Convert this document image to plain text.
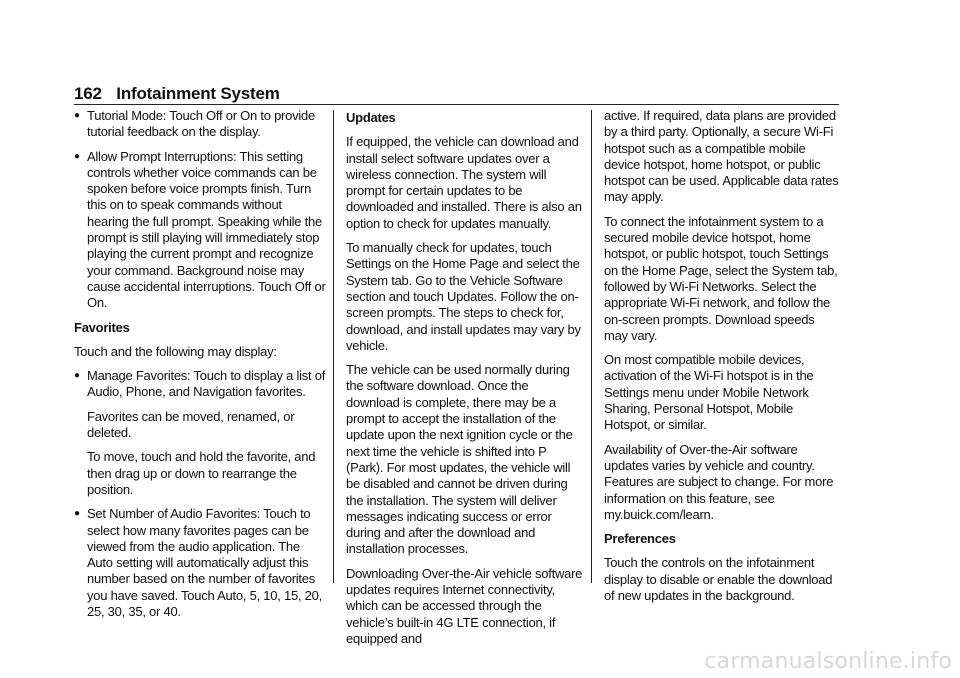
162 Infotainment System
● Tutorial Mode: Touch Off or On to provide tutorial feedback on the display.
● Allow Prompt Interruptions: This setting controls whether voice commands can be spoken before voice prompts finish. Turn this on to speak commands without hearing the full prompt. Speaking while the prompt is still playing will immediately stop playing the current prompt and recognize your command. Background noise may cause accidental interruptions. Touch Off or On.
Favorites

Touch and the following may display:

● Manage Favorites: Touch to display a list of Audio, Phone, and Navigation favorites.

Favorites can be moved, renamed, or deleted.

To move, touch and hold the favorite, and then drag up or down to rearrange the position.

● Set Number of Audio Favorites: Touch to select how many favorites pages can be viewed from the audio application. The Auto setting will automatically adjust this number based on the number of favorites you have saved. Touch Auto, 5, 10, 15, 20, 25, 30, 35, or 40.
Updates

If equipped, the vehicle can download and install select software updates over a wireless connection. The system will prompt for certain updates to be downloaded and installed. There is also an option to check for updates manually.

To manually check for updates, touch Settings on the Home Page and select the System tab. Go to the Vehicle Software section and touch Updates. Follow the on-screen prompts. The steps to check for, download, and install updates may vary by vehicle.

The vehicle can be used normally during the software download. Once the download is complete, there may be a prompt to accept the installation of the update upon the next ignition cycle or the next time the vehicle is shifted into P (Park). For most updates, the vehicle will be disabled and cannot be driven during the installation. The system will deliver messages indicating success or error during and after the download and installation processes.

Downloading Over-the-Air vehicle software updates requires Internet connectivity, which can be accessed through the vehicle’s built-in 4G LTE connection, if equipped and

active. If required, data plans are provided by a third party. Optionally, a secure Wi-Fi hotspot such as a compatible mobile device hotspot, home hotspot, or public hotspot can be used. Applicable data rates may apply.

To connect the infotainment system to a secured mobile device hotspot, home hotspot, or public hotspot, touch Settings on the Home Page, select the System tab, followed by Wi-Fi Networks. Select the appropriate Wi-Fi network, and follow the on-screen prompts. Download speeds may vary.

On most compatible mobile devices, activation of the Wi-Fi hotspot is in the Settings menu under Mobile Network Sharing, Personal Hotspot, Mobile Hotspot, or similar.

Availability of Over-the-Air software updates varies by vehicle and country. Features are subject to change. For more information on this feature, see my.buick.com/learn.

Preferences

Touch the controls on the infotainment display to disable or enable the download of new updates in the background.

carmanualsonline.info
